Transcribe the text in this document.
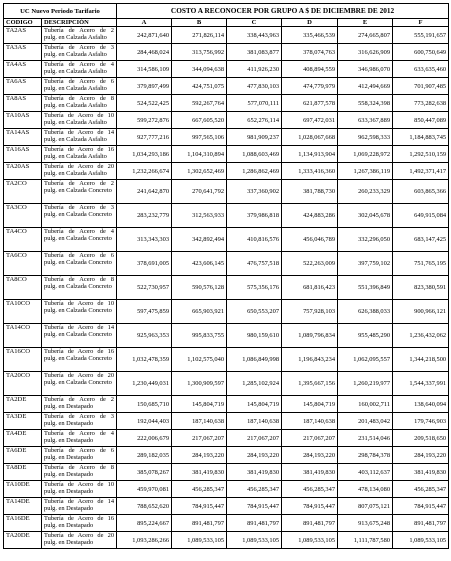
UC Nuevo Periodo Tarifario		COSTO A RECONOCER POR GRUPO A $ DE DICIEMBRE DE 2012					
CODIGO	DESCRIPCIÓN	A	B	C	D	E	F
TA2AS	Tubería de Acero de 2 pulg. en Calzada Asfalto	242,871,640	271,826,114	338,443,963	335,466,539	274,665,807	555,191,657
TA3AS	Tubería de Acero de 3 pulg. en Calzada Asfalto	284,468,024	313,756,992	381,083,877	378,074,763	316,626,909	600,750,649
TA4AS	Tubería de Acero de 4 pulg. en Calzada Asfalto	314,586,109	344,094,638	411,926,230	408,894,559	346,986,070	633,635,460
TA6AS	Tubería de Acero de 6 pulg. en Calzada Asfalto	379,897,499	424,751,075	477,830,103	474,779,979	412,494,669	701,907,485
TA8AS	Tubería de Acero de 8 pulg. en Calzada Asfalto	524,522,425	592,267,764	577,070,111	621,877,578	558,324,398	773,282,638
TA10AS	Tubería de Acero de 10 pulg. en Calzada Asfalto	599,272,876	667,605,520	652,276,114	697,472,031	633,367,889	850,447,089
TA14AS	Tubería de Acero de 14 pulg. en Calzada Asfalto	927,777,216	997,565,106	981,909,237	1,028,067,668	962,598,333	1,184,883,745
TA16AS	Tubería de Acero de 16 pulg. en Calzada Asfalto	1,034,293,186	1,104,310,894	1,088,603,469	1,134,913,904	1,069,228,972	1,292,510,159
TA20AS	Tubería de Acero de 20 pulg. en Calzada Asfalto	1,232,266,674	1,302,652,469	1,286,862,469	1,333,416,360	1,267,386,119	1,492,371,417
TA2CO	Tubería de Acero de 2 pulg. en Calzada Concreto	241,642,870	270,641,792	337,360,902	381,788,730	260,233,329	603,865,366
TA3CO	Tubería de Acero de 3 pulg. en Calzada Concreto	283,232,779	312,563,933	379,986,818	424,883,286	302,045,678	649,915,084
TA4CO	Tubería de Acero de 4 pulg. en Calzada Concreto	313,343,303	342,892,494	410,816,576	456,046,789	332,296,050	683,147,425
TA6CO	Tubería de Acero de 6 pulg. en Calzada Concreto	378,691,005	423,606,145	476,757,518	522,263,009	397,759,102	751,765,195
TA8CO	Tubería de Acero de 8 pulg. en Calzada Concreto	522,730,957	590,576,128	575,356,176	681,816,423	551,396,849	823,380,591
TA10CO	Tubería de Acero de 10 pulg. en Calzada Concreto	597,475,859	665,903,921	650,553,207	757,928,103	626,388,033	900,966,121
TA14CO	Tubería de Acero de 14 pulg. en Calzada Concreto	925,963,353	995,833,755	980,159,610	1,089,796,834	955,485,290	1,236,432,062
TA16CO	Tubería de Acero de 16 pulg. en Calzada Concreto	1,032,478,359	1,102,575,040	1,086,849,998	1,196,843,234	1,062,095,557	1,344,218,500
TA20CO	Tubería de Acero de 20 pulg. en Calzada Concreto	1,230,449,031	1,300,909,597	1,285,102,924	1,395,667,156	1,260,219,977	1,544,337,991
TA2DE	Tubería de Acero de 2 pulg. en Destapado	150,685,710	145,804,719	145,804,719	145,804,719	160,002,711	138,640,094
TA3DE	Tubería de Acero de 3 pulg. en Destapado	192,044,403	187,140,638	187,140,638	187,140,638	201,483,042	179,746,903
TA4DE	Tubería de Acero de 4 pulg. en Destapado	222,006,679	217,067,207	217,067,207	217,067,207	231,514,046	209,518,650
TA6DE	Tubería de Acero de 6 pulg. en Destapado	289,182,035	284,193,220	284,193,220	284,193,220	298,784,378	284,193,220
TA8DE	Tubería de Acero de 8 pulg. en Destapado	385,078,267	381,419,830	381,419,830	381,419,830	403,112,637	381,419,830
TA10DE	Tubería de Acero de 10 pulg. en Destapado	459,970,081	456,285,347	456,285,347	456,285,347	478,134,080	456,285,347
TA14DE	Tubería de Acero de 14 pulg. en Destapado	788,652,620	784,915,447	784,915,447	784,915,447	807,075,121	784,915,447
TA16DE	Tubería de Acero de 16 pulg. en Destapado	895,224,667	891,481,797	891,481,797	891,481,797	913,675,248	891,481,797
TA20DE	Tubería de Acero de 20 pulg. en Destapado	1,093,286,266	1,089,533,105	1,089,533,105	1,089,533,105	1,111,787,580	1,089,533,105
